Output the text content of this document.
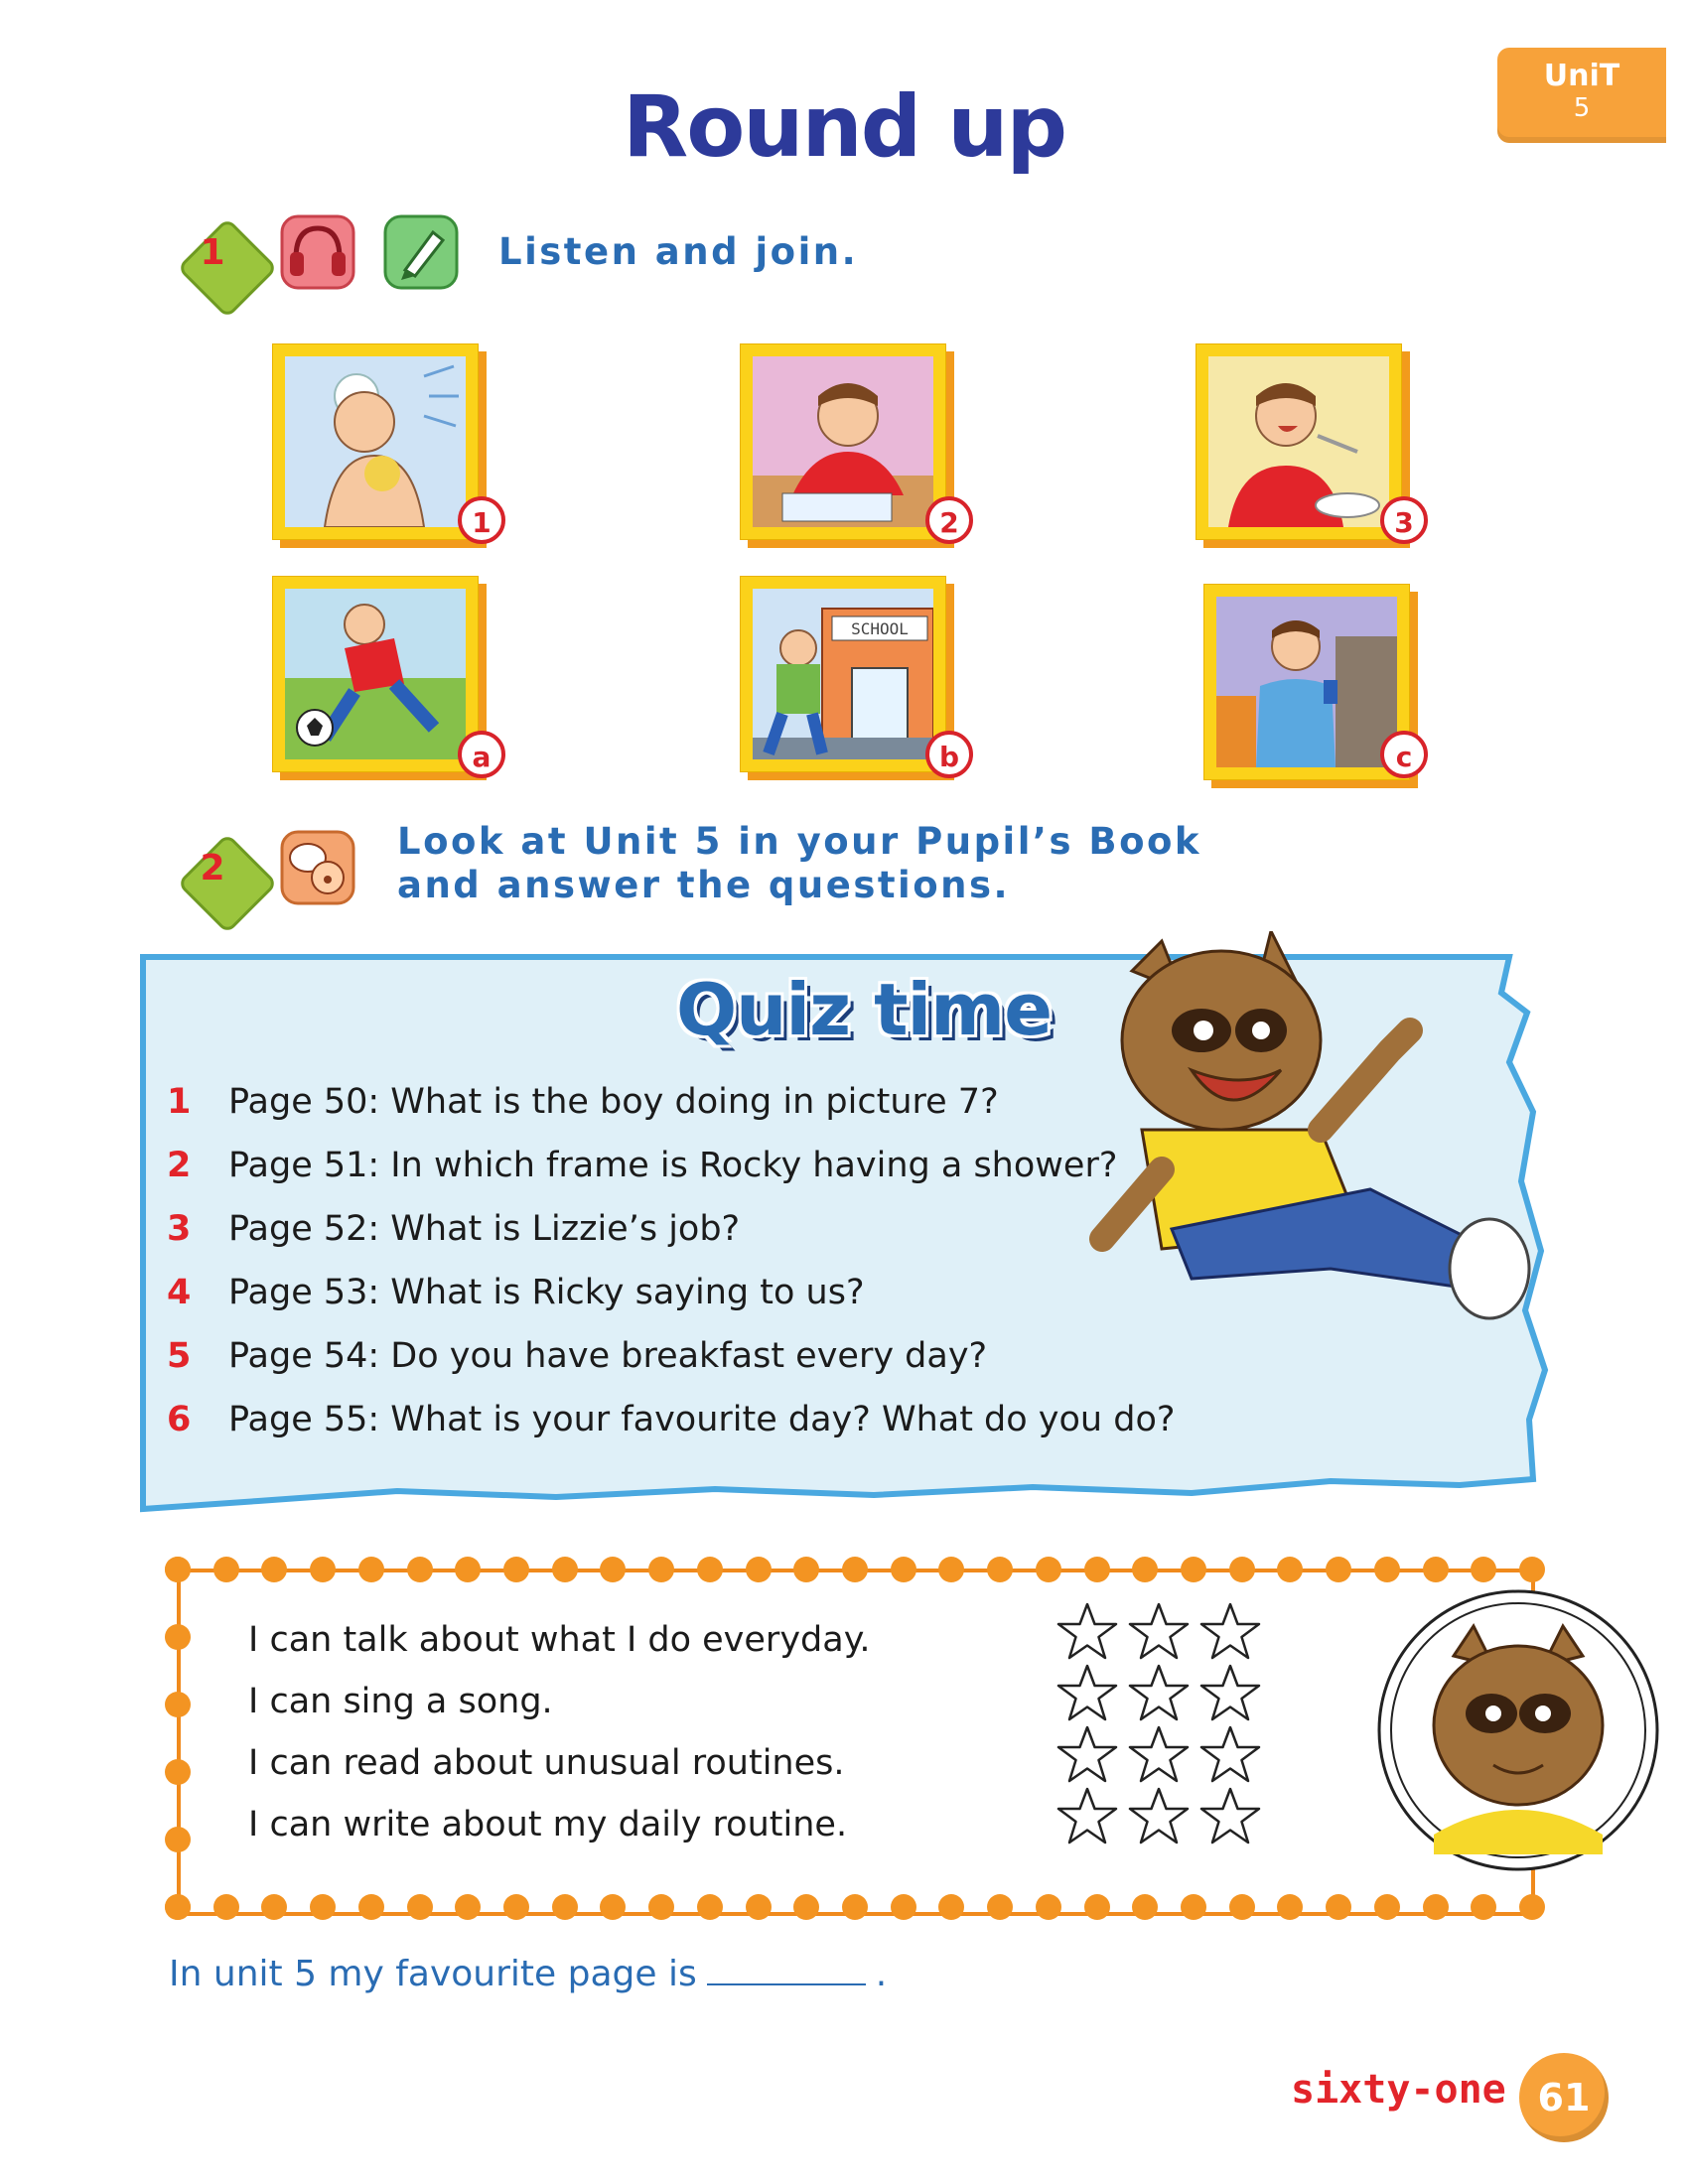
UniT
5
Round up
1	Listen and join.
1	2	3
a
SCHOOL
b	c
2
Look at Unit 5 in your Pupil’s Book
and answer the questions.
Quiz time
1	Page 50: What is the boy doing in picture 7?
2	Page 51: In which frame is Rocky having a shower?
3	Page 52: What is Lizzie’s job?
4	Page 53: What is Ricky saying to us?
5	Page 54: Do you have breakfast every day?
6	Page 55: What is your favourite day? What do you do?
I can talk about what I do everyday.
I can sing a song.
I can read about unusual routines.
I can write about my daily routine.
In unit 5 my favourite page is	.
sixty-one 61
